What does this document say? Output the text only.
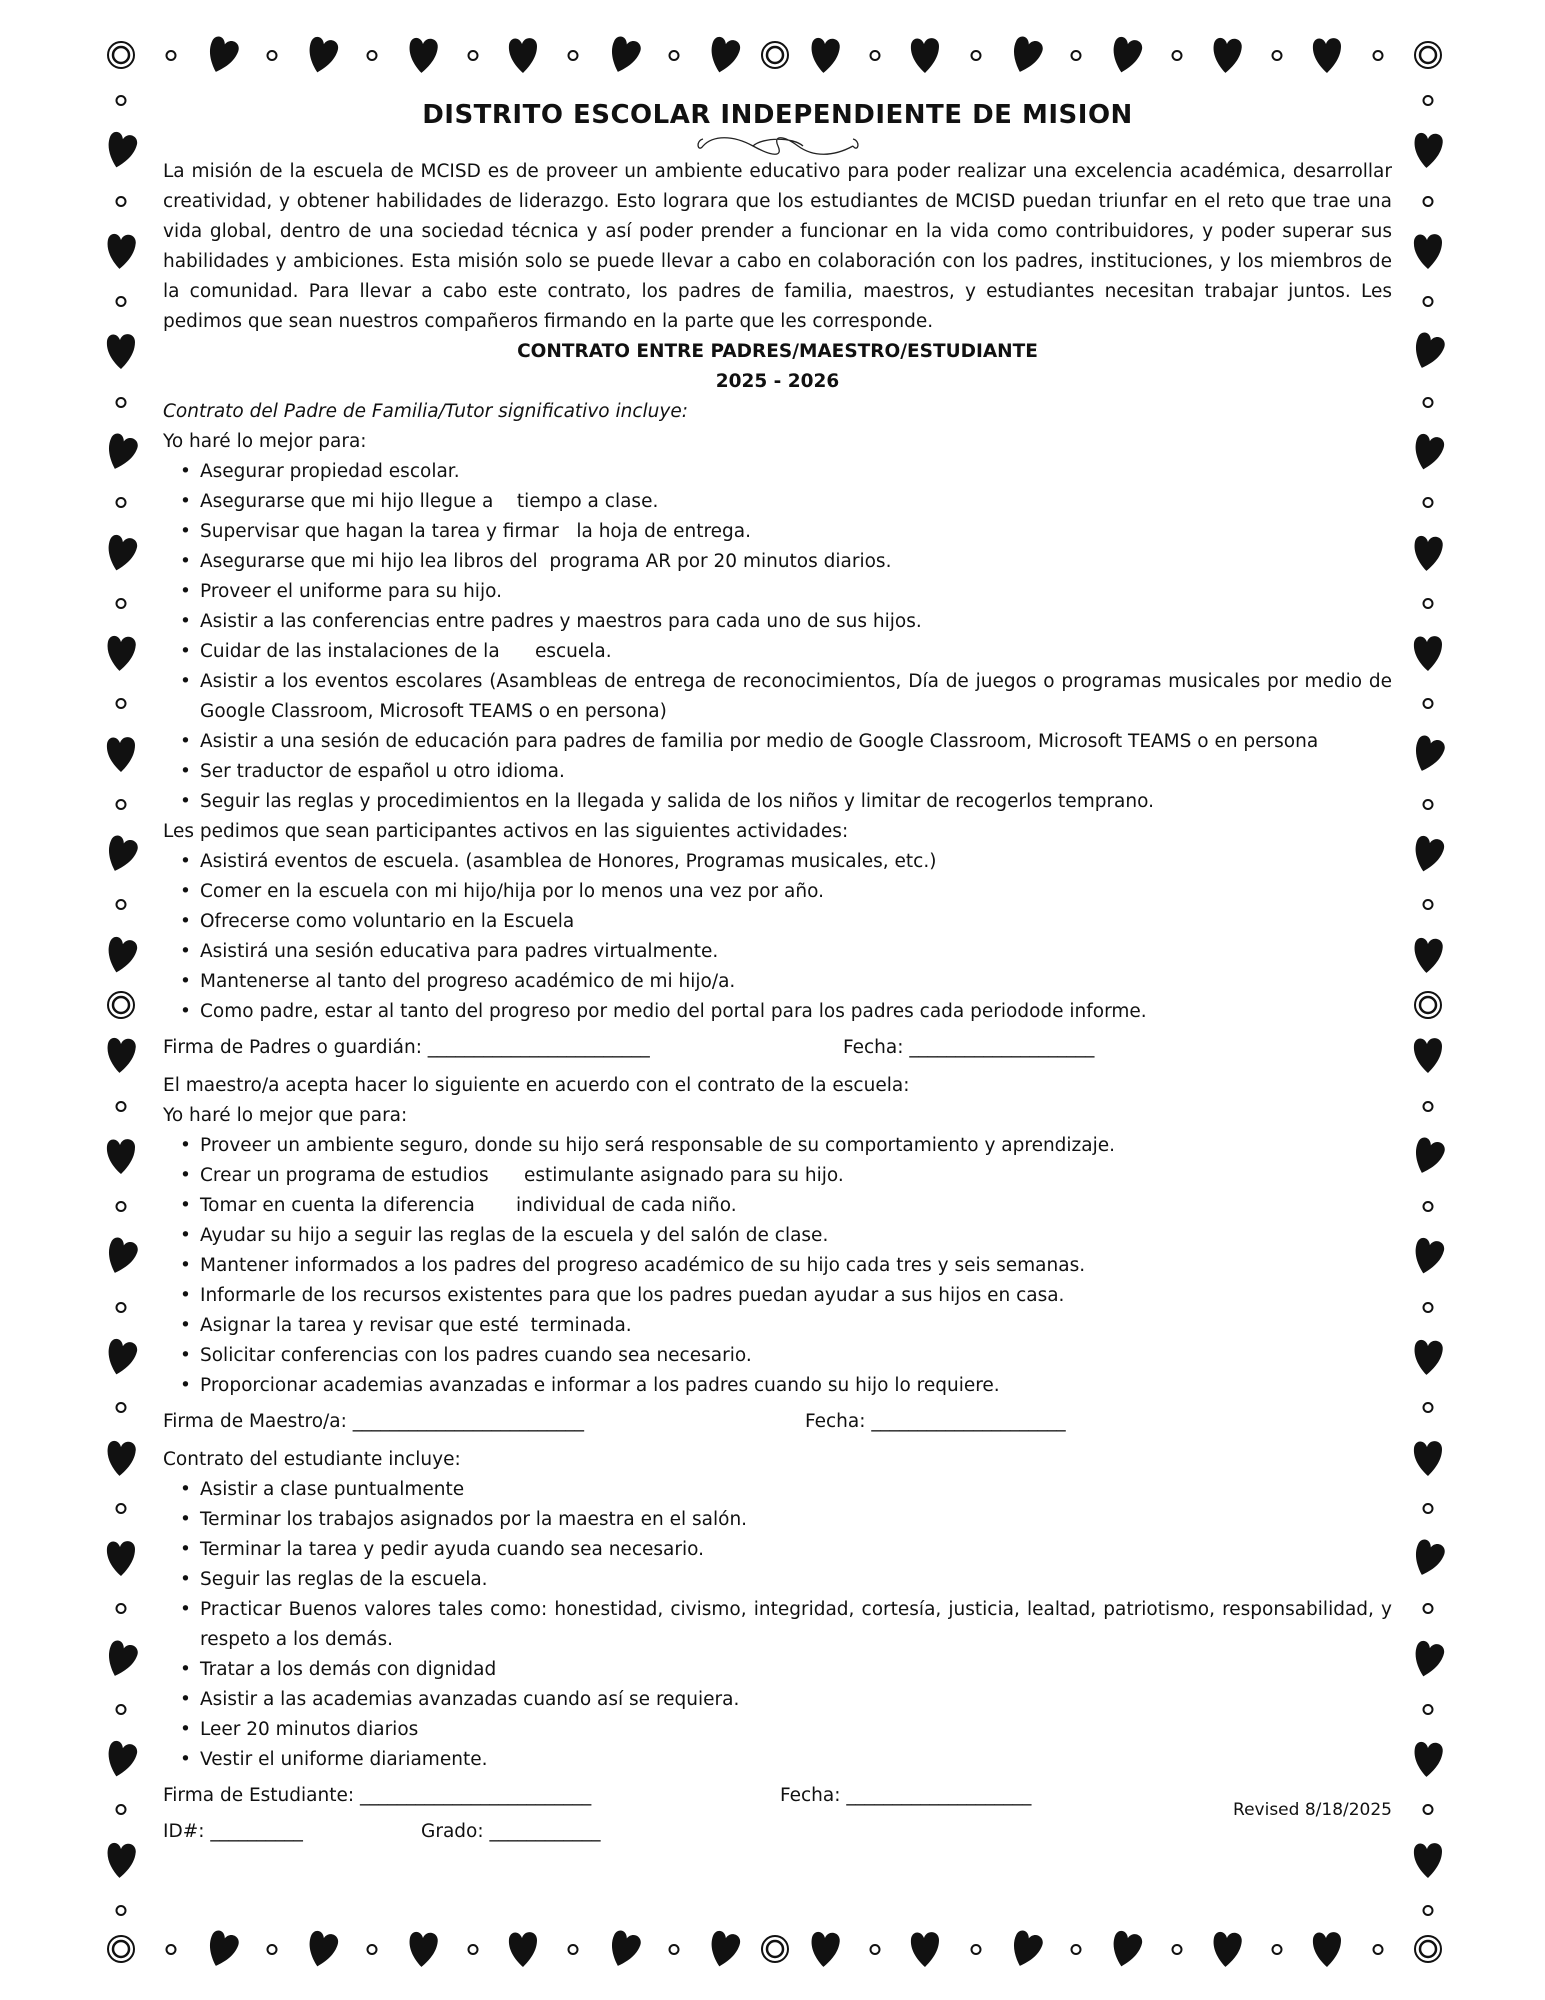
DISTRITO ESCOLAR INDEPENDIENTE DE MISION

La misión de la escuela de MCISD es de proveer un ambiente educativo para poder realizar una excelencia académica, desarrollar creatividad, y obtener habilidades de liderazgo. Esto lograra que los estudiantes de MCISD puedan triunfar en el reto que trae una vida global, dentro de una sociedad técnica y así poder prender a funcionar en la vida como contribuidores, y poder superar sus habilidades y ambiciones. Esta misión solo se puede llevar a cabo en colaboración con los padres, instituciones, y los miembros de la comunidad. Para llevar a cabo este contrato, los padres de familia, maestros, y estudiantes necesitan trabajar juntos. Les pedimos que sean nuestros compañeros firmando en la parte que les corresponde.

CONTRATO ENTRE PADRES/MAESTRO/ESTUDIANTE

2025 - 2026

Contrato del Padre de Familia/Tutor significativo incluye:

Yo haré lo mejor para:

• Asegurar propiedad escolar.
• Asegurarse que mi hijo llegue a    tiempo a clase.
• Supervisar que hagan la tarea y firmar   la hoja de entrega.
• Asegurarse que mi hijo lea libros del  programa AR por 20 minutos diarios.
• Proveer el uniforme para su hijo.
• Asistir a las conferencias entre padres y maestros para cada uno de sus hijos.
• Cuidar de las instalaciones de la      escuela.
• Asistir a los eventos escolares (Asambleas de entrega de reconocimientos, Día de juegos o programas musicales por medio de Google Classroom, Microsoft TEAMS o en persona)
• Asistir a una sesión de educación para padres de familia por medio de Google Classroom, Microsoft TEAMS o en persona
• Ser traductor de español u otro idioma.
• Seguir las reglas y procedimientos en la llegada y salida de los niños y limitar de recogerlos temprano.

Les pedimos que sean participantes activos en las siguientes actividades:

• Asistirá eventos de escuela. (asamblea de Honores, Programas musicales, etc.)
• Comer en la escuela con mi hijo/hija por lo menos una vez por año.
• Ofrecerse como voluntario en la Escuela
• Asistirá una sesión educativa para padres virtualmente.
• Mantenerse al tanto del progreso académico de mi hijo/a.
• Como padre, estar al tanto del progreso por medio del portal para los padres cada periodode informe.
Firma de Padres o guardián: ________________________	Fecha: ____________________

El maestro/a acepta hacer lo siguiente en acuerdo con el contrato de la escuela:

Yo haré lo mejor que para:

• Proveer un ambiente seguro, donde su hijo será responsable de su comportamiento y aprendizaje.
• Crear un programa de estudios      estimulante asignado para su hijo.
• Tomar en cuenta la diferencia       individual de cada niño.
• Ayudar su hijo a seguir las reglas de la escuela y del salón de clase.
• Mantener informados a los padres del progreso académico de su hijo cada tres y seis semanas.
• Informarle de los recursos existentes para que los padres puedan ayudar a sus hijos en casa.
• Asignar la tarea y revisar que esté  terminada.
• Solicitar conferencias con los padres cuando sea necesario.
• Proporcionar academias avanzadas e informar a los padres cuando su hijo lo requiere.
Firma de Maestro/a: _________________________	Fecha: _____________________

Contrato del estudiante incluye:

• Asistir a clase puntualmente
• Terminar los trabajos asignados por la maestra en el salón.
• Terminar la tarea y pedir ayuda cuando sea necesario.
• Seguir las reglas de la escuela.
• Practicar Buenos valores tales como: honestidad, civismo, integridad, cortesía, justicia, lealtad, patriotismo, responsabilidad, y respeto a los demás.
• Tratar a los demás con dignidad
• Asistir a las academias avanzadas cuando así se requiera.
• Leer 20 minutos diarios
• Vestir el uniforme diariamente.
Firma de Estudiante: _________________________	Fecha: ____________________
Revised 8/18/2025
ID#: __________	Grado: ____________
